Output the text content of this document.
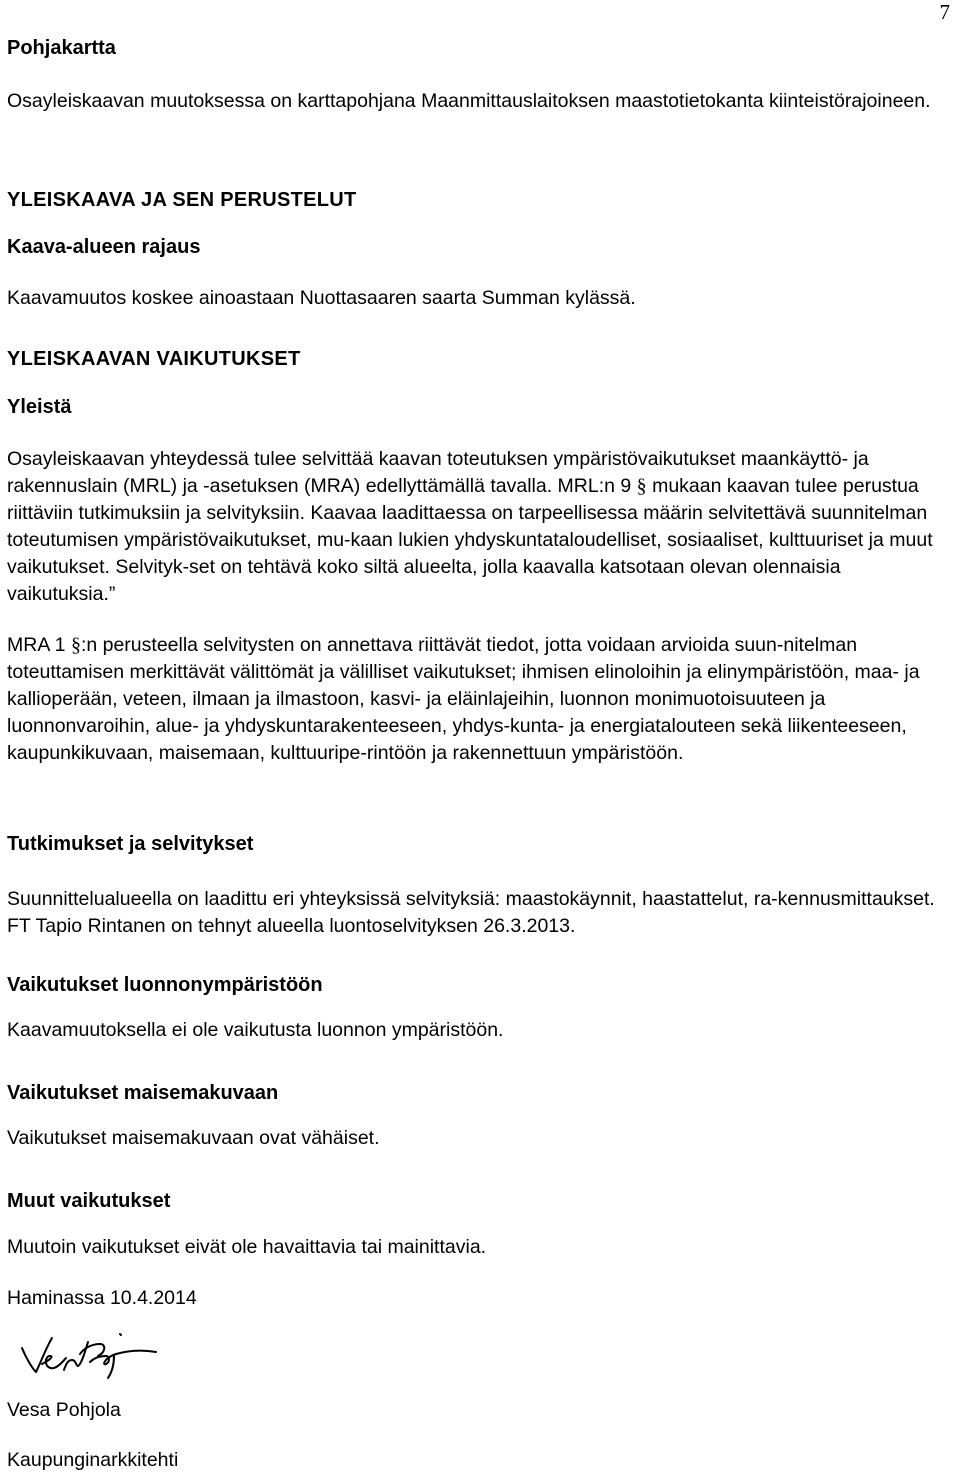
7
Pohjakartta

Osayleiskaavan muutoksessa on karttapohjana Maanmittauslaitoksen maastotietokanta kiinteistörajoineen.

YLEISKAAVA JA SEN PERUSTELUT
Kaava-alueen rajaus

Kaavamuutos koskee ainoastaan Nuottasaaren saarta Summan kylässä.

YLEISKAAVAN VAIKUTUKSET
Yleistä

Osayleiskaavan yhteydessä tulee selvittää kaavan toteutuksen ympäristövaikutukset maankäyttö- ja rakennuslain (MRL) ja -asetuksen (MRA) edellyttämällä tavalla. MRL:n 9 § mukaan kaavan tulee perustua riittäviin tutkimuksiin ja selvityksiin. Kaavaa laadittaessa on tarpeellisessa määrin selvitettävä suunnitelman toteutumisen ympäristövaikutukset, mu-kaan lukien yhdyskuntataloudelliset, sosiaaliset, kulttuuriset ja muut vaikutukset. Selvityk-set on tehtävä koko siltä alueelta, jolla kaavalla katsotaan olevan olennaisia vaikutuksia.”

MRA 1 §:n perusteella selvitysten on annettava riittävät tiedot, jotta voidaan arvioida suun-nitelman toteuttamisen merkittävät välittömät ja välilliset vaikutukset; ihmisen elinoloihin ja elinympäristöön, maa- ja kallioperään, veteen, ilmaan ja ilmastoon, kasvi- ja eläinlajeihin, luonnon monimuotoisuuteen ja luonnonvaroihin, alue- ja yhdyskuntarakenteeseen, yhdys-kunta- ja energiatalouteen sekä liikenteeseen, kaupunkikuvaan, maisemaan, kulttuuripe-rintöön ja rakennettuun ympäristöön.

Tutkimukset ja selvitykset

Suunnittelualueella on laadittu eri yhteyksissä selvityksiä: maastokäynnit, haastattelut, ra-kennusmittaukset. FT Tapio Rintanen on tehnyt alueella luontoselvityksen 26.3.2013.

Vaikutukset luonnonympäristöön

Kaavamuutoksella ei ole vaikutusta luonnon ympäristöön.

Vaikutukset maisemakuvaan

Vaikutukset maisemakuvaan ovat vähäiset.

Muut vaikutukset

Muutoin vaikutukset eivät ole havaittavia tai mainittavia.

Haminassa 10.4.2014

Vesa Pohjola

Kaupunginarkkitehti
